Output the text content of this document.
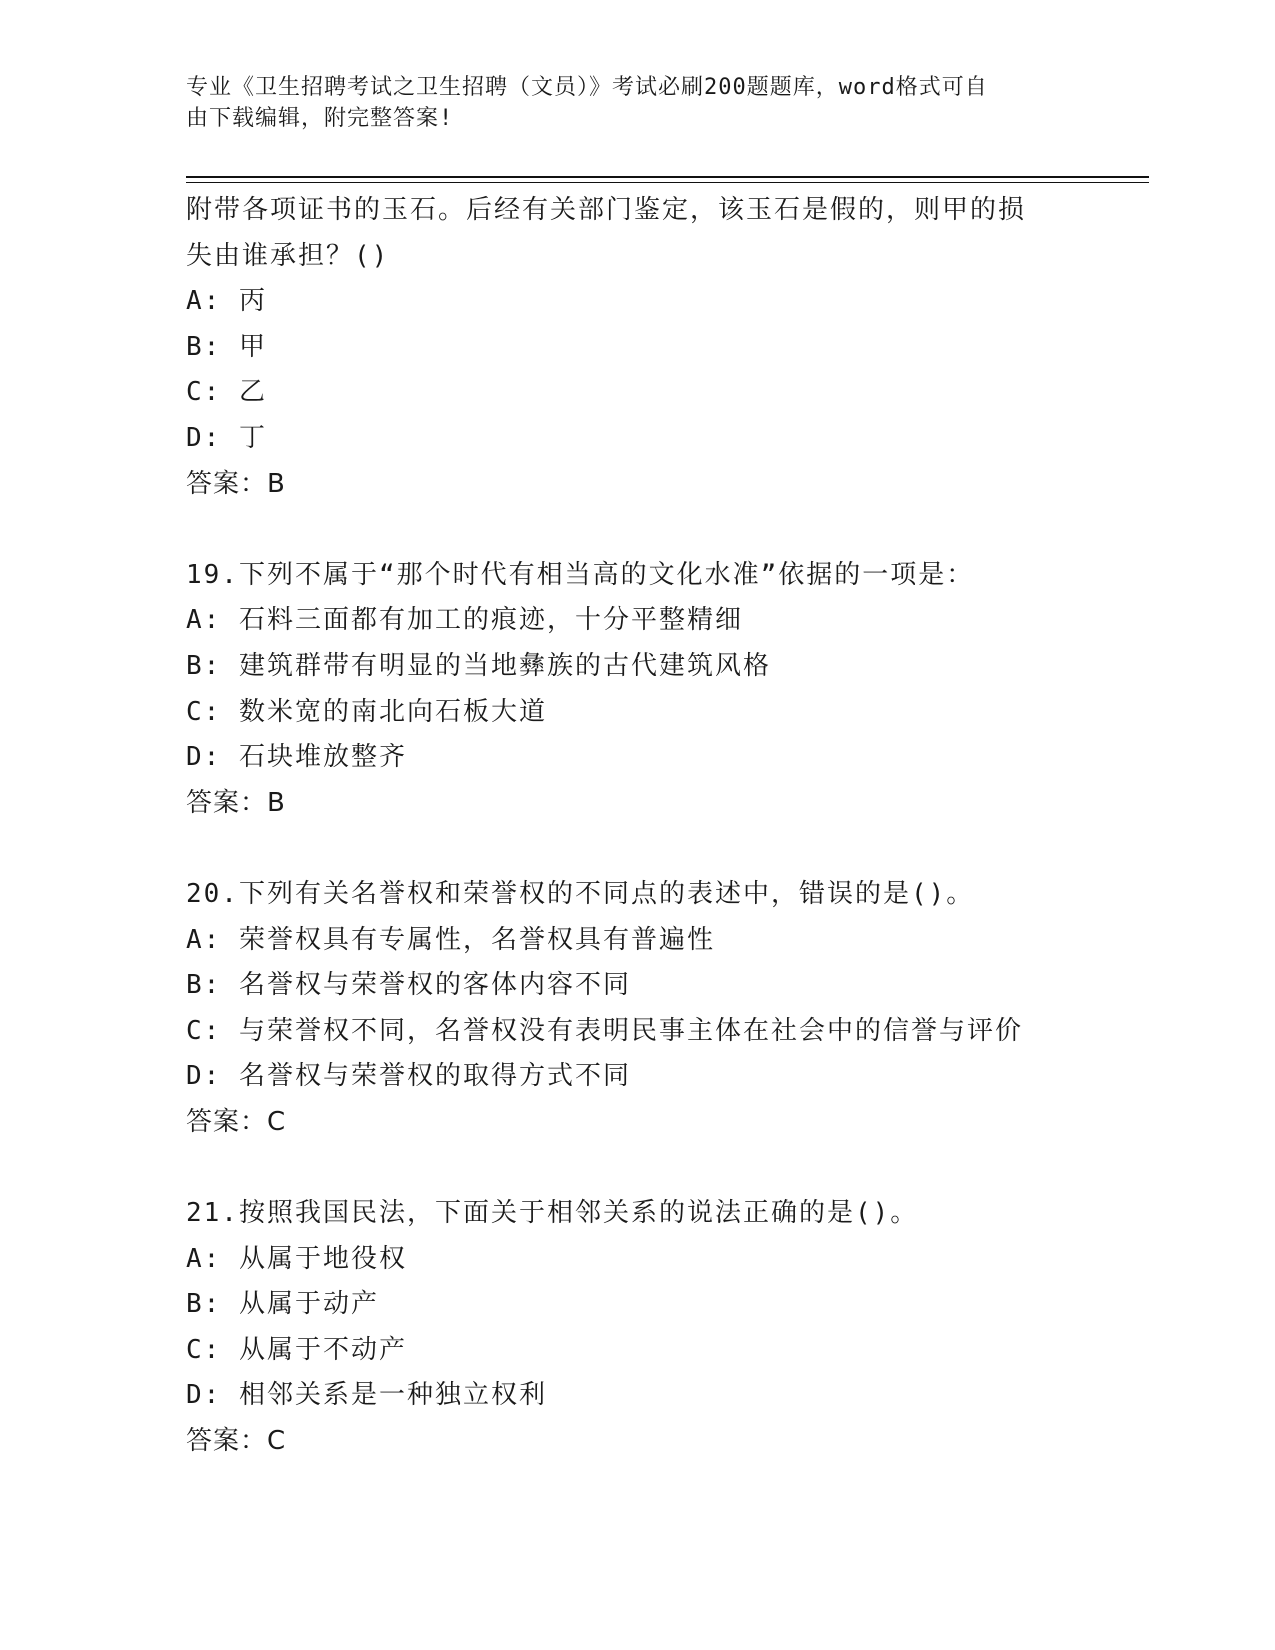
专业《卫生招聘考试之卫生招聘（文员）》考试必刷200题题库，word格式可自
由下载编辑，附完整答案!
附带各项证书的玉石。后经有关部门鉴定，该玉石是假的，则甲的损
失由谁承担？()
A: 丙
B: 甲
C: 乙
D: 丁
答案：B
19.下列不属于“那个时代有相当高的文化水准”依据的一项是：
A: 石料三面都有加工的痕迹，十分平整精细
B: 建筑群带有明显的当地彝族的古代建筑风格
C: 数米宽的南北向石板大道
D: 石块堆放整齐
答案：B
20.下列有关名誉权和荣誉权的不同点的表述中，错误的是()。
A: 荣誉权具有专属性，名誉权具有普遍性
B: 名誉权与荣誉权的客体内容不同
C: 与荣誉权不同，名誉权没有表明民事主体在社会中的信誉与评价
D: 名誉权与荣誉权的取得方式不同
答案：C
21.按照我国民法，下面关于相邻关系的说法正确的是()。
A: 从属于地役权
B: 从属于动产
C: 从属于不动产
D: 相邻关系是一种独立权利
答案：C
